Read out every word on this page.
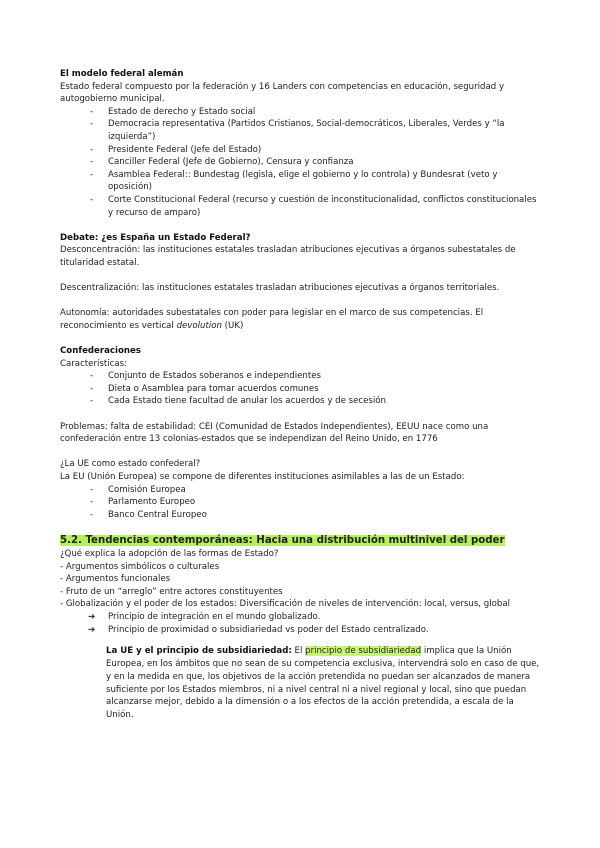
El modelo federal alemán

Estado federal compuesto por la federación y 16 Landers con competencias en educación, seguridad y autogobierno municipal.

- Estado de derecho y Estado social
- Democracia representativa (Partidos Cristianos, Social-democráticos, Liberales, Verdes y “la izquierda”)
- Presidente Federal (Jefe del Estado)
- Canciller Federal (Jefe de Gobierno), Censura y confianza
- Asamblea Federal:: Bundestag (legisla, elige el gobierno y lo controla) y Bundesrat (veto y oposición)
- Corte Constitucional Federal (recurso y cuestión de inconstitucionalidad, conflictos constitucionales y recurso de amparo)

Debate: ¿es España un Estado Federal?

Desconcentración: las instituciones estatales trasladan atribuciones ejecutivas a órganos subestatales de titularidad estatal.

Descentralización: las instituciones estatales trasladan atribuciones ejecutivas a órganos territoriales.

Autonomía: autoridades subestatales con poder para legislar en el marco de sus competencias. El reconocimiento es vertical devolution (UK)

Confederaciones

Características:

- Conjunto de Estados soberanos e independientes
- Dieta o Asamblea para tomar acuerdos comunes
- Cada Estado tiene facultad de anular los acuerdos y de secesión

Problemas: falta de estabilidad: CEI (Comunidad de Estados Independientes), EEUU nace como una confederación entre 13 colonias-estados que se independizan del Reino Unido, en 1776

¿La UE como estado confederal?

La EU (Unión Europea) se compone de diferentes instituciones asimilables a las de un Estado:

- Comisión Europea
- Parlamento Europeo
- Banco Central Europeo

5.2. Tendencias contemporáneas: Hacia una distribución multinivel del poder

¿Qué explica la adopción de las formas de Estado?

- Argumentos simbólicos o culturales

- Argumentos funcionales

- Fruto de un “arreglo” entre actores constituyentes

- Globalización y el poder de los estados: Diversificación de niveles de intervención: local, versus, global

➔ Principio de integración en el mundo globalizado.
➔ Principio de proximidad o subsidiariedad vs poder del Estado centralizado.

La UE y el principio de subsidiariedad: El principio de subsidiariedad implica que la Unión Europea, en los ámbitos que no sean de su competencia exclusiva, intervendrá solo en caso de que, y en la medida en que, los objetivos de la acción pretendida no puedan ser alcanzados de manera suficiente por los Estados miembros, ni a nivel central ni a nivel regional y local, sino que puedan alcanzarse mejor, debido a la dimensión o a los efectos de la acción pretendida, a escala de la Unión.
